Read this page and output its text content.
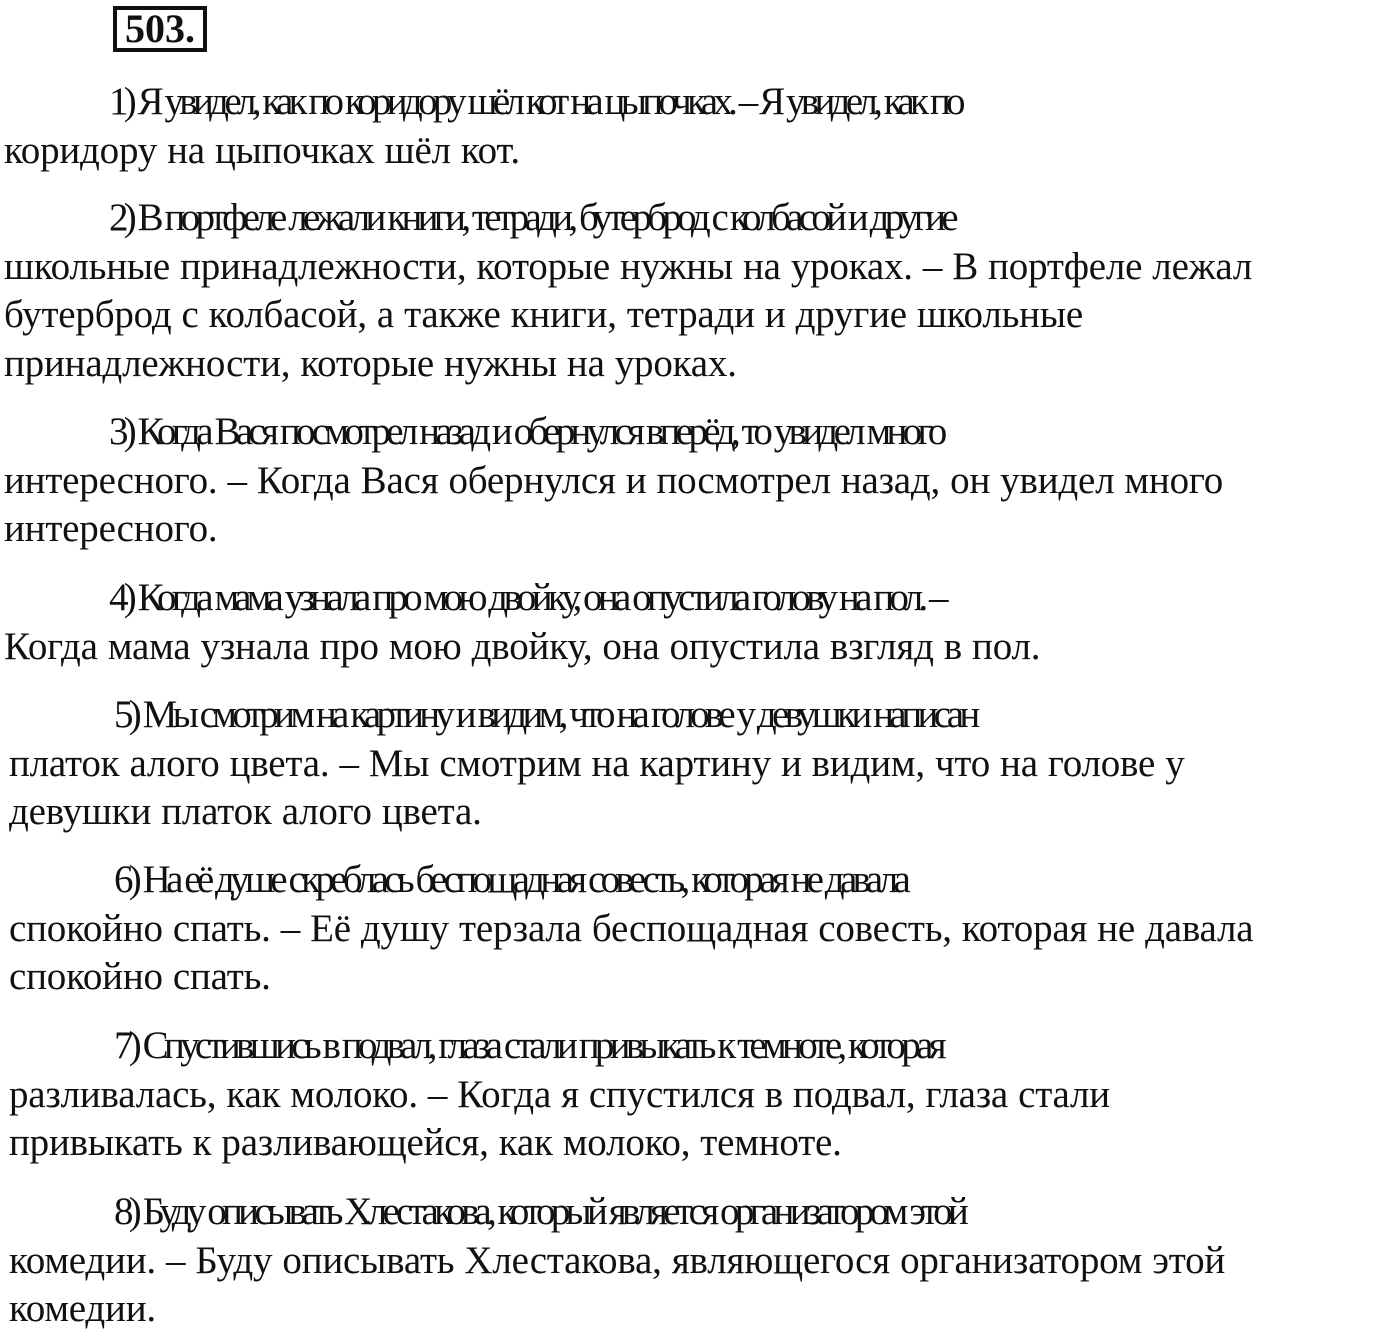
503.

1) Я увидел, как по коридору шёл кот на цыпочках. – Я увидел, как по
коридору на цыпочках шёл кот.

2) В портфеле лежали книги, тетради, бутерброд с колбасой и другие
школьные принадлежности, которые нужны на уроках. – В портфеле лежал
бутерброд с колбасой, а также книги, тетради и другие школьные
принадлежности, которые нужны на уроках.

3) Когда Вася посмотрел назад и обернулся вперёд, то увидел много
интересного. – Когда Вася обернулся и посмотрел назад, он увидел много
интересного.

4) Когда мама узнала про мою двойку, она опустила голову на пол. –
Когда мама узнала про мою двойку, она опустила взгляд в пол.

5) Мы смотрим на картину и видим, что на голове у девушки написан
платок алого цвета. – Мы смотрим на картину и видим, что на голове у
девушки платок алого цвета.

6) На её душе скреблась беспощадная совесть, которая не давала
спокойно спать. – Её душу терзала беспощадная совесть, которая не давала
спокойно спать.

7) Спустившись в подвал, глаза стали привыкать к темноте, которая
разливалась, как молоко. – Когда я спустился в подвал, глаза стали
привыкать к разливающейся, как молоко, темноте.

8) Буду описывать Хлестакова, который является организатором этой
комедии. – Буду описывать Хлестакова, являющегося организатором этой
комедии.
